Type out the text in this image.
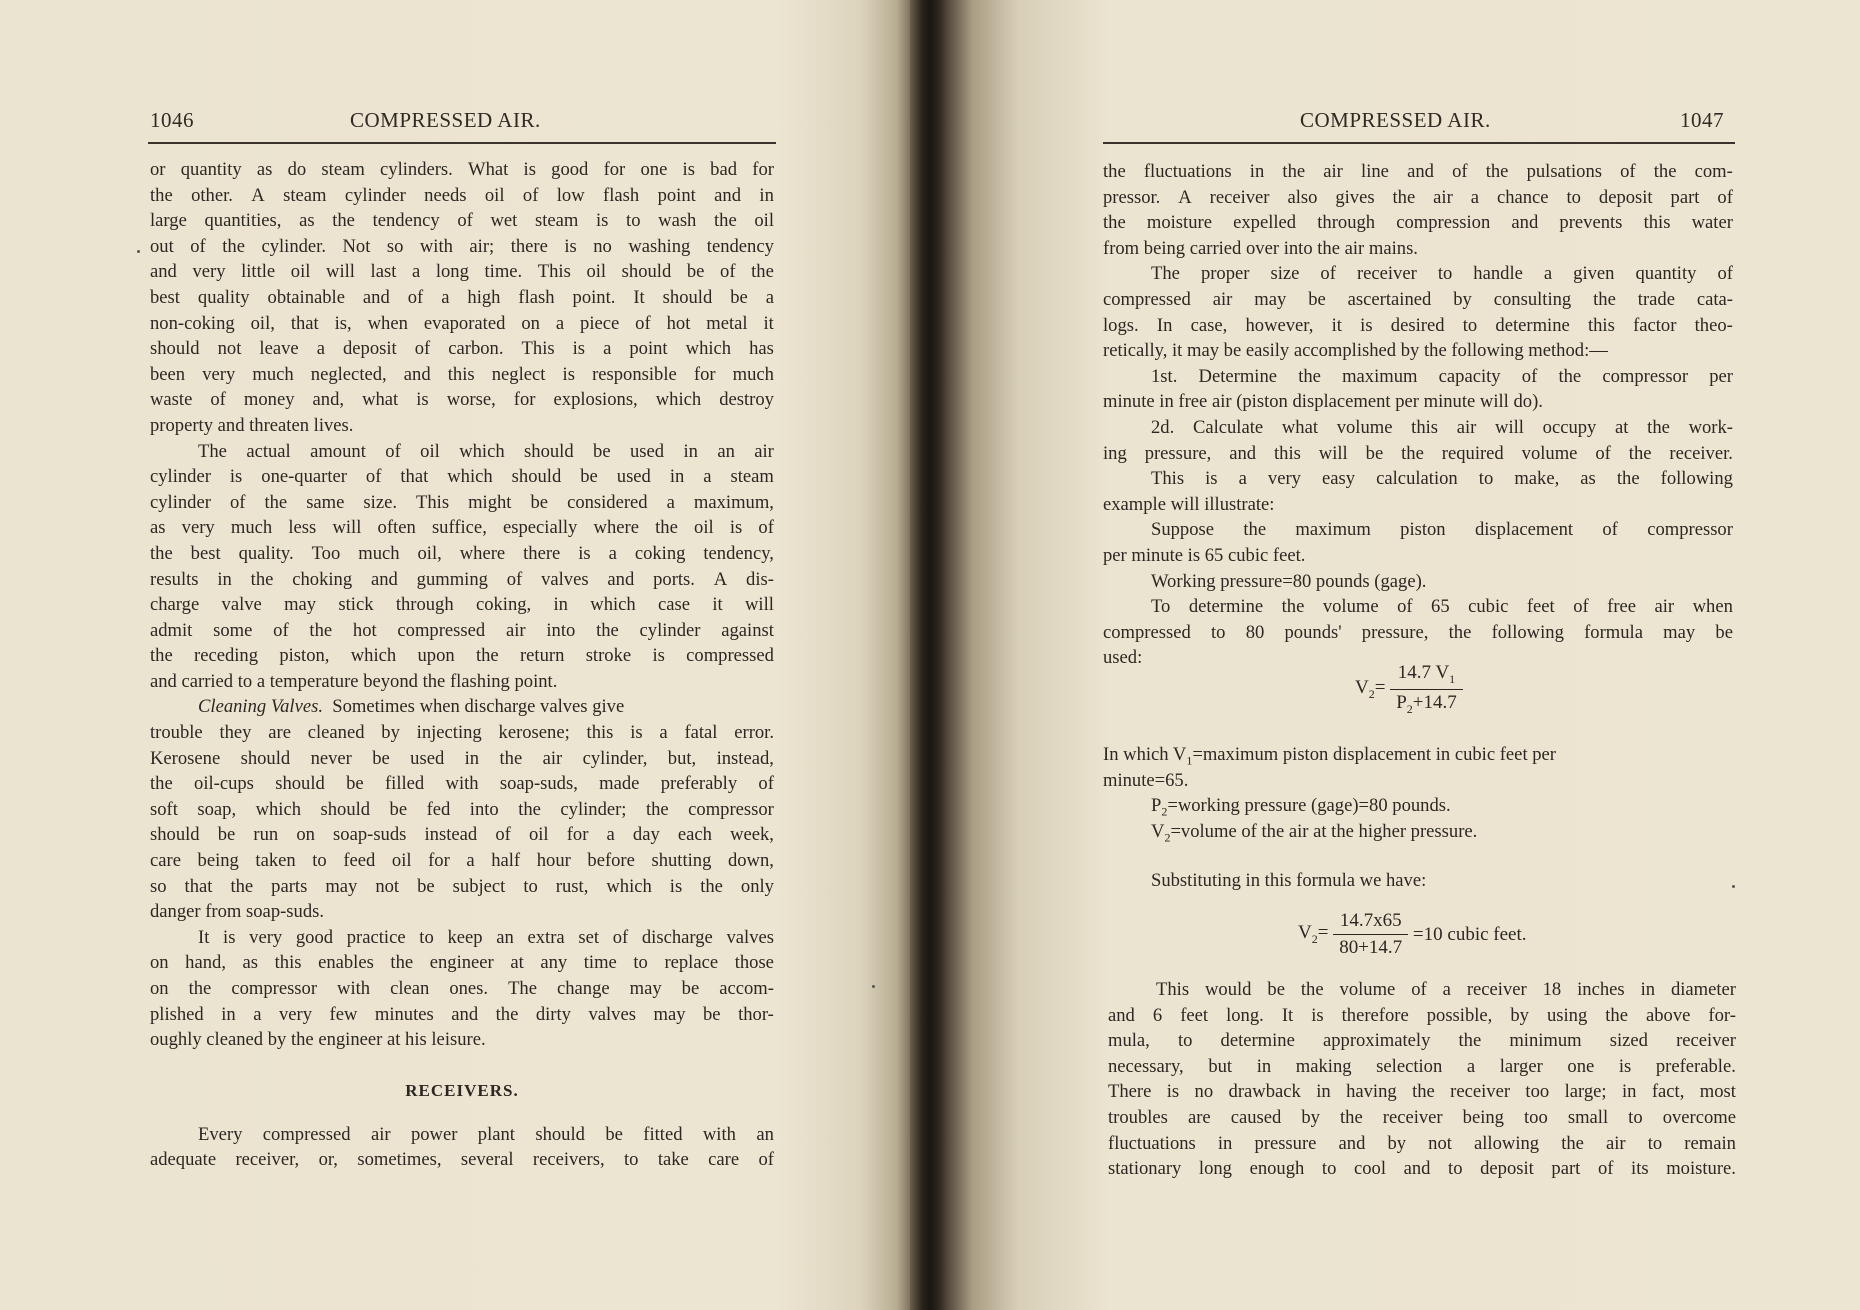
1046	COMPRESSED AIR.
or quantity as do steam cylinders. What is good for one is bad for
the other. A steam cylinder needs oil of low flash point and in
large quantities, as the tendency of wet steam is to wash the oil
out of the cylinder. Not so with air; there is no washing tendency
and very little oil will last a long time. This oil should be of the
best quality obtainable and of a high flash point. It should be a
non-coking oil, that is, when evaporated on a piece of hot metal it
should not leave a deposit of carbon. This is a point which has
been very much neglected, and this neglect is responsible for much
waste of money and, what is worse, for explosions, which destroy
property and threaten lives.
The actual amount of oil which should be used in an air
cylinder is one-quarter of that which should be used in a steam
cylinder of the same size. This might be considered a maximum,
as very much less will often suffice, especially where the oil is of
the best quality. Too much oil, where there is a coking tendency,
results in the choking and gumming of valves and ports. A dis-
charge valve may stick through coking, in which case it will
admit some of the hot compressed air into the cylinder against
the receding piston, which upon the return stroke is compressed
and carried to a temperature beyond the flashing point.
Cleaning Valves.
Sometimes when discharge valves give
trouble they are cleaned by injecting kerosene; this is a fatal error.
Kerosene should never be used in the air cylinder, but, instead,
the oil-cups should be filled with soap-suds, made preferably of
soft soap, which should be fed into the cylinder; the compressor
should be run on soap-suds instead of oil for a day each week,
care being taken to feed oil for a half hour before shutting down,
so that the parts may not be subject to rust, which is the only
danger from soap-suds.
It is very good practice to keep an extra set of discharge valves
on hand, as this enables the engineer at any time to replace those
on the compressor with clean ones. The change may be accom-
plished in a very few minutes and the dirty valves may be thor-
oughly cleaned by the engineer at his leisure.
RECEIVERS.
Every compressed air power plant should be fitted with an
adequate receiver, or, sometimes, several receivers, to take care of
COMPRESSED AIR.	1047
the fluctuations in the air line and of the pulsations of the com-
pressor. A receiver also gives the air a chance to deposit part of
the moisture expelled through compression and prevents this water
from being carried over into the air mains.
The proper size of receiver to handle a given quantity of
compressed air may be ascertained by consulting the trade cata-
logs. In case, however, it is desired to determine this factor theo-
retically, it may be easily accomplished by the following method:—
1st. Determine the maximum capacity of the compressor per
minute in free air (piston displacement per minute will do).
2d. Calculate what volume this air will occupy at the work-
ing pressure, and this will be the required volume of the receiver.
This is a very easy calculation to make, as the following
example will illustrate:
Suppose the maximum piston displacement of compressor
per minute is 65 cubic feet.
Working pressure=80 pounds (gage).
To determine the volume of 65 cubic feet of free air when
compressed to 80 pounds' pressure, the following formula may be
used:
$V_2= \frac{14.7 V_1}{P_2+14.7}$
In which $V_1=maximum$ piston displacement in cubic feet per
minute=65.
$P_2=working$ pressure (gage)=80 pounds.
$V_2=volume$ of the air at the higher pressure.
Substituting in this formula we have:
$V_2= \frac{14.7x65}{80+14.7} =10$ cubic feet.
This would be the volume of a receiver 18 inches in diameter
and 6 feet long. It is therefore possible, by using the above for-
mula, to determine approximately the minimum sized receiver
necessary, but in making selection a larger one is preferable.
There is no drawback in having the receiver too large; in fact, most
troubles are caused by the receiver being too small to overcome
fluctuations in pressure and by not allowing the air to remain
stationary long enough to cool and to deposit part of its moisture.
